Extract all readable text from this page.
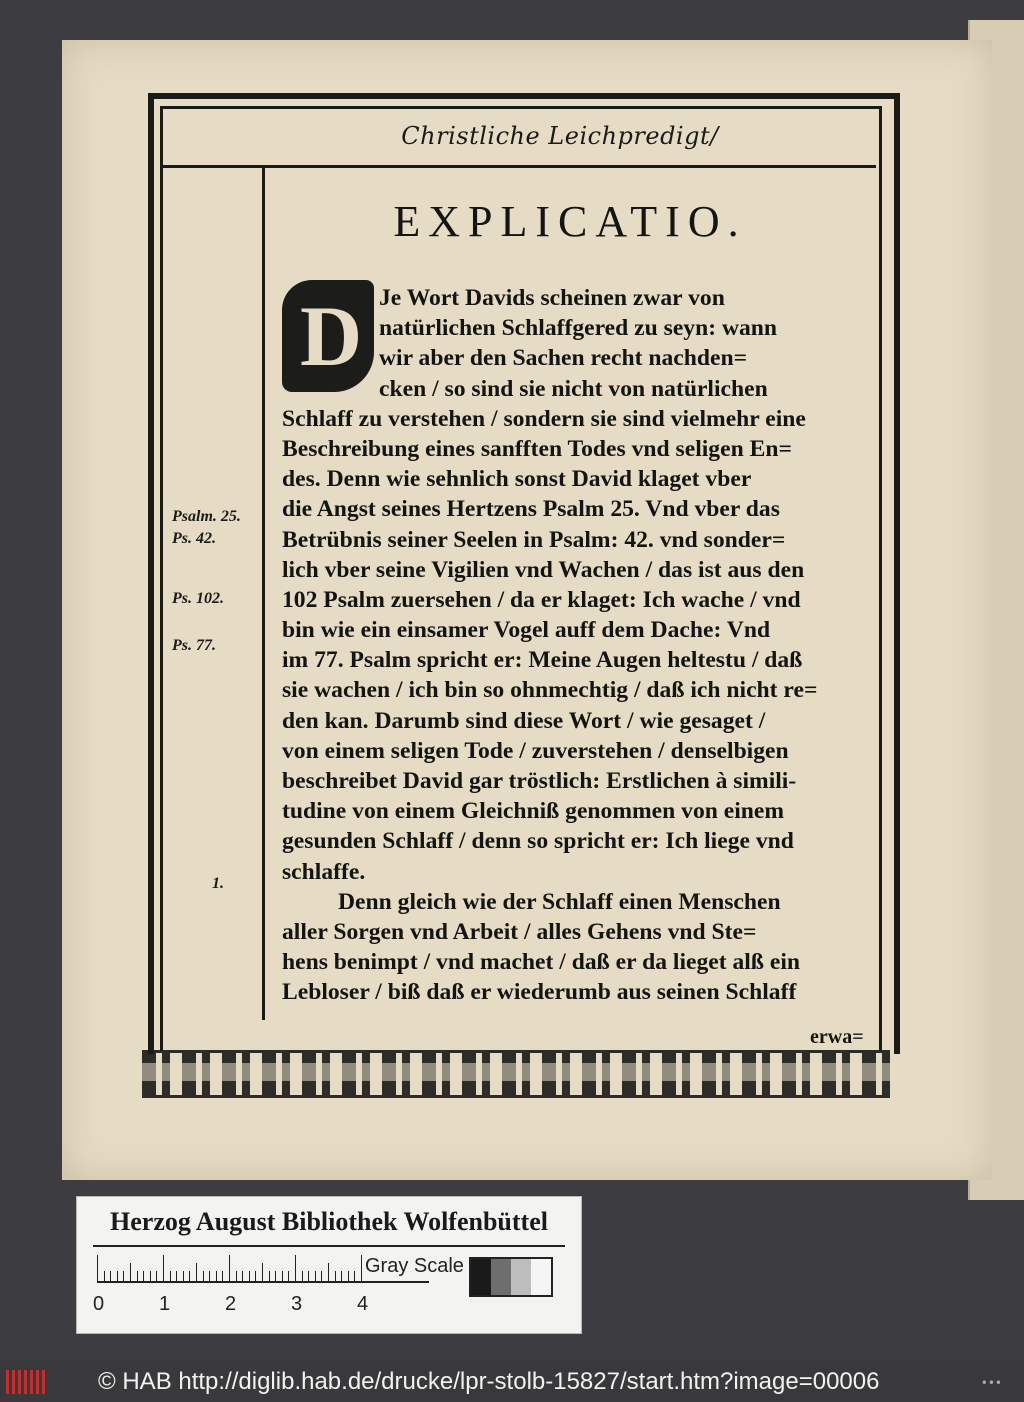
Christliche Leichpredigt/
EXPLICATIO.
D Je Wort Davids scheinen zwar von
natürlichen Schlaffgered zu seyn: wann
wir aber den Sachen recht nachden=
cken / so sind sie nicht von natürlichen
Schlaff zu verstehen / sondern sie sind vielmehr eine
Beschreibung eines sanfften Todes vnd seligen En=
des. Denn wie sehnlich sonst David klaget vber
die Angst seines Hertzens Psalm 25. Vnd vber das
Betrübnis seiner Seelen in Psalm: 42. vnd sonder=
lich vber seine Vigilien vnd Wachen / das ist aus den
102 Psalm zuersehen / da er klaget: Ich wache / vnd
bin wie ein einsamer Vogel auff dem Dache: Vnd
im 77. Psalm spricht er: Meine Augen heltestu / daß
sie wachen / ich bin so ohnmechtig / daß ich nicht re=
den kan. Darumb sind diese Wort / wie gesaget /
von einem seligen Tode / zuverstehen / denselbigen
beschreibet David gar tröstlich: Erstlichen à simili-
tudine von einem Gleichniß genommen von einem
gesunden Schlaff / denn so spricht er: Ich liege vnd
schlaffe.
Denn gleich wie der Schlaff einen Menschen
aller Sorgen vnd Arbeit / alles Gehens vnd Ste=
hens benimpt / vnd machet / daß er da lieget alß ein
Lebloser / biß daß er wiederumb aus seinen Schlaff
Psalm. 25.
Ps. 42.
Ps. 102.
Ps. 77.
1.
erwa=
Herzog August Bibliothek Wolfenbüttel
0	1	2	3	4
Gray Scale
© HAB http://diglib.hab.de/drucke/lpr-stolb-15827/start.htm?image=00006	•••
